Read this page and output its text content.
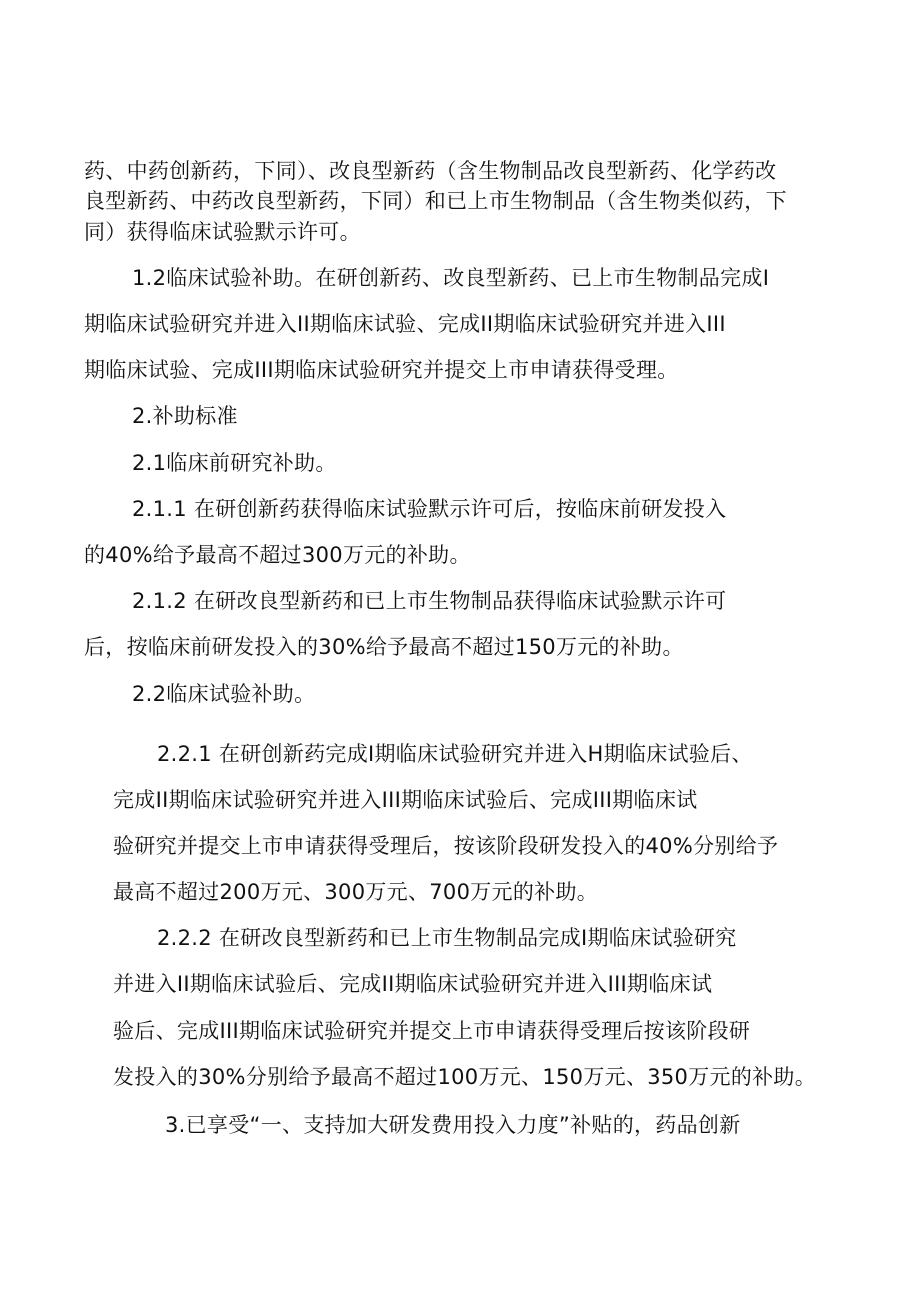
药、中药创新药，下同）、改良型新药（含生物制品改良型新药、化学药改
良型新药、中药改良型新药，下同）和已上市生物制品（含生物类似药，下
同）获得临床试验默示许可。
1.2临床试验补助。在研创新药、改良型新药、已上市生物制品完成I
期临床试验研究并进入II期临床试验、完成II期临床试验研究并进入III
期临床试验、完成III期临床试验研究并提交上市申请获得受理。
2.补助标准
2.1临床前研究补助。
2.1.1 在研创新药获得临床试验默示许可后，按临床前研发投入
的40%给予最高不超过300万元的补助。
2.1.2 在研改良型新药和已上市生物制品获得临床试验默示许可
后，按临床前研发投入的30%给予最高不超过150万元的补助。
2.2临床试验补助。
2.2.1 在研创新药完成I期临床试验研究并进入H期临床试验后、
完成II期临床试验研究并进入III期临床试验后、完成III期临床试
验研究并提交上市申请获得受理后，按该阶段研发投入的40%分别给予
最高不超过200万元、300万元、700万元的补助。
2.2.2 在研改良型新药和已上市生物制品完成I期临床试验研究
并进入II期临床试验后、完成II期临床试验研究并进入III期临床试
验后、完成III期临床试验研究并提交上市申请获得受理后按该阶段研
发投入的30%分别给予最高不超过100万元、150万元、350万元的补助。
3.已享受“一、支持加大研发费用投入力度”补贴的，药品创新
